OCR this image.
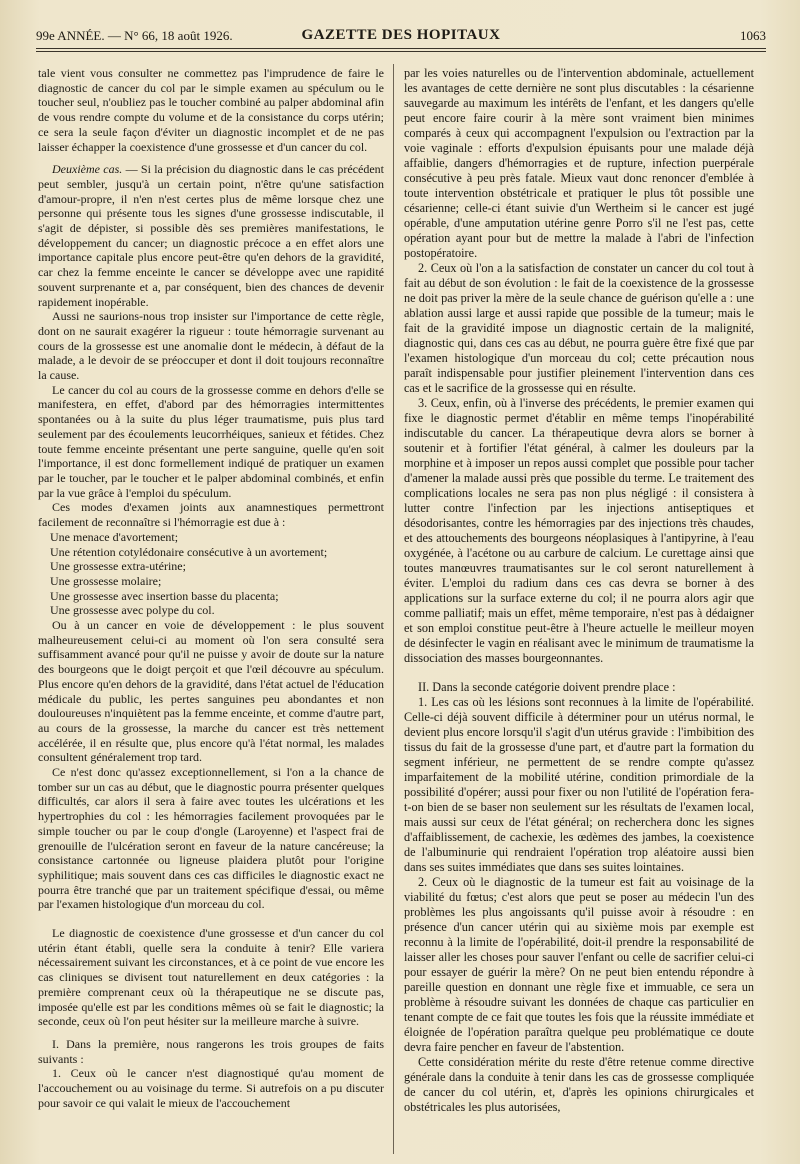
99e ANNÉE. — N° 66, 18 août 1926.	GAZETTE DES HOPITAUX	1063

tale vient vous consulter ne commettez pas l'imprudence de faire le diagnostic de cancer du col par le simple examen au spéculum ou le toucher seul, n'oubliez pas le toucher combiné au palper abdominal afin de vous rendre compte du volume et de la consistance du corps utérin; ce sera la seule façon d'éviter un diagnostic incomplet et de ne pas laisser échapper la coexistence d'une grossesse et d'un cancer du col.

Deuxième cas. — Si la précision du diagnostic dans le cas précédent peut sembler, jusqu'à un certain point, n'être qu'une satisfaction d'amour-propre, il n'en n'est certes plus de même lorsque chez une personne qui présente tous les signes d'une grossesse indiscutable, il s'agit de dépister, si possible dès ses premières manifestations, le développement du cancer; un diagnostic précoce a en effet alors une importance capitale plus encore peut-être qu'en dehors de la gravidité, car chez la femme enceinte le cancer se développe avec une rapidité souvent surprenante et a, par conséquent, bien des chances de devenir rapidement inopérable.

Aussi ne saurions-nous trop insister sur l'importance de cette règle, dont on ne saurait exagérer la rigueur : toute hémorragie survenant au cours de la grossesse est une anomalie dont le médecin, à défaut de la malade, a le devoir de se préoccuper et dont il doit toujours reconnaître la cause.

Le cancer du col au cours de la grossesse comme en dehors d'elle se manifestera, en effet, d'abord par des hémorragies intermittentes spontanées ou à la suite du plus léger traumatisme, puis plus tard seulement par des écoulements leucorrhéiques, sanieux et fétides. Chez toute femme enceinte présentant une perte sanguine, quelle qu'en soit l'importance, il est donc formellement indiqué de pratiquer un examen par le toucher, par le toucher et le palper abdominal combinés, et enfin par la vue grâce à l'emploi du spéculum.

Ces modes d'examen joints aux anamnestiques permettront facilement de reconnaître si l'hémorragie est due à :

Une menace d'avortement;

Une rétention cotylédonaire consécutive à un avortement;

Une grossesse extra-utérine;

Une grossesse molaire;

Une grossesse avec insertion basse du placenta;

Une grossesse avec polype du col.

Ou à un cancer en voie de développement : le plus souvent malheureusement celui-ci au moment où l'on sera consulté sera suffisamment avancé pour qu'il ne puisse y avoir de doute sur la nature des bourgeons que le doigt perçoit et que l'œil découvre au spéculum. Plus encore qu'en dehors de la gravidité, dans l'état actuel de l'éducation médicale du public, les pertes sanguines peu abondantes et non douloureuses n'inquiètent pas la femme enceinte, et comme d'autre part, au cours de la grossesse, la marche du cancer est très nettement accélérée, il en résulte que, plus encore qu'à l'état normal, les malades consultent généralement trop tard.

Ce n'est donc qu'assez exceptionnellement, si l'on a la chance de tomber sur un cas au début, que le diagnostic pourra présenter quelques difficultés, car alors il sera à faire avec toutes les ulcérations et les hypertrophies du col : les hémorragies facilement provoquées par le simple toucher ou par le coup d'ongle (Laroyenne) et l'aspect frai de grenouille de l'ulcération seront en faveur de la nature cancéreuse; la consistance cartonnée ou ligneuse plaidera plutôt pour l'origine syphilitique; mais souvent dans ces cas difficiles le diagnostic exact ne pourra être tranché que par un traitement spécifique d'essai, ou même par l'examen histologique d'un morceau du col.

Le diagnostic de coexistence d'une grossesse et d'un cancer du col utérin étant établi, quelle sera la conduite à tenir? Elle variera nécessairement suivant les circonstances, et à ce point de vue encore les cas cliniques se divisent tout naturellement en deux catégories : la première comprenant ceux où la thérapeutique ne se discute pas, imposée qu'elle est par les conditions mêmes où se fait le diagnostic; la seconde, ceux où l'on peut hésiter sur la meilleure marche à suivre.

I. Dans la première, nous rangerons les trois groupes de faits suivants :

1. Ceux où le cancer n'est diagnostiqué qu'au moment de l'accouchement ou au voisinage du terme. Si autrefois on a pu discuter pour savoir ce qui valait le mieux de l'accouchement

par les voies naturelles ou de l'intervention abdominale, actuellement les avantages de cette dernière ne sont plus discutables : la césarienne sauvegarde au maximum les intérêts de l'enfant, et les dangers qu'elle peut encore faire courir à la mère sont vraiment bien minimes comparés à ceux qui accompagnent l'expulsion ou l'extraction par la voie vaginale : efforts d'expulsion épuisants pour une malade déjà affaiblie, dangers d'hémorragies et de rupture, infection puerpérale consécutive à peu près fatale. Mieux vaut donc renoncer d'emblée à toute intervention obstétricale et pratiquer le plus tôt possible une césarienne; celle-ci étant suivie d'un Wertheim si le cancer est jugé opérable, d'une amputation utérine genre Porro s'il ne l'est pas, cette opération ayant pour but de mettre la malade à l'abri de l'infection postopératoire.

2. Ceux où l'on a la satisfaction de constater un cancer du col tout à fait au début de son évolution : le fait de la coexistence de la grossesse ne doit pas priver la mère de la seule chance de guérison qu'elle a : une ablation aussi large et aussi rapide que possible de la tumeur; mais le fait de la gravidité impose un diagnostic certain de la malignité, diagnostic qui, dans ces cas au début, ne pourra guère être fixé que par l'examen histologique d'un morceau du col; cette précaution nous paraît indispensable pour justifier pleinement l'intervention dans ces cas et le sacrifice de la grossesse qui en résulte.

3. Ceux, enfin, où à l'inverse des précédents, le premier examen qui fixe le diagnostic permet d'établir en même temps l'inopérabilité indiscutable du cancer. La thérapeutique devra alors se borner à soutenir et à fortifier l'état général, à calmer les douleurs par la morphine et à imposer un repos aussi complet que possible pour tacher d'amener la malade aussi près que possible du terme. Le traitement des complications locales ne sera pas non plus négligé : il consistera à lutter contre l'infection par les injections antiseptiques et désodorisantes, contre les hémorragies par des injections très chaudes, et des attouchements des bourgeons néoplasiques à l'antipyrine, à l'eau oxygénée, à l'acétone ou au carbure de calcium. Le curettage ainsi que toutes manœuvres traumatisantes sur le col seront naturellement à éviter. L'emploi du radium dans ces cas devra se borner à des applications sur la surface externe du col; il ne pourra alors agir que comme palliatif; mais un effet, même temporaire, n'est pas à dédaigner et son emploi constitue peut-être à l'heure actuelle le meilleur moyen de désinfecter le vagin en réalisant avec le minimum de traumatisme la dissociation des masses bourgeonnantes.

II. Dans la seconde catégorie doivent prendre place :

1. Les cas où les lésions sont reconnues à la limite de l'opérabilité. Celle-ci déjà souvent difficile à déterminer pour un utérus normal, le devient plus encore lorsqu'il s'agit d'un utérus gravide : l'imbibition des tissus du fait de la grossesse d'une part, et d'autre part la formation du segment inférieur, ne permettent de se rendre compte qu'assez imparfaitement de la mobilité utérine, condition primordiale de la possibilité d'opérer; aussi pour fixer ou non l'utilité de l'opération fera-t-on bien de se baser non seulement sur les résultats de l'examen local, mais aussi sur ceux de l'état général; on recherchera donc les signes d'affaiblissement, de cachexie, les œdèmes des jambes, la coexistence de l'albuminurie qui rendraient l'opération trop aléatoire aussi bien dans ses suites immédiates que dans ses suites lointaines.

2. Ceux où le diagnostic de la tumeur est fait au voisinage de la viabilité du fœtus; c'est alors que peut se poser au médecin l'un des problèmes les plus angoissants qu'il puisse avoir à résoudre : en présence d'un cancer utérin qui au sixième mois par exemple est reconnu à la limite de l'opérabilité, doit-il prendre la responsabilité de laisser aller les choses pour sauver l'enfant ou celle de sacrifier celui-ci pour essayer de guérir la mère? On ne peut bien entendu répondre à pareille question en donnant une règle fixe et immuable, ce sera un problème à résoudre suivant les données de chaque cas particulier en tenant compte de ce fait que toutes les fois que la réussite immédiate et éloignée de l'opération paraîtra quelque peu problématique ce doute devra faire pencher en faveur de l'abstention.

Cette considération mérite du reste d'être retenue comme directive générale dans la conduite à tenir dans les cas de grossesse compliquée de cancer du col utérin, et, d'après les opinions chirurgicales et obstétricales les plus autorisées,
